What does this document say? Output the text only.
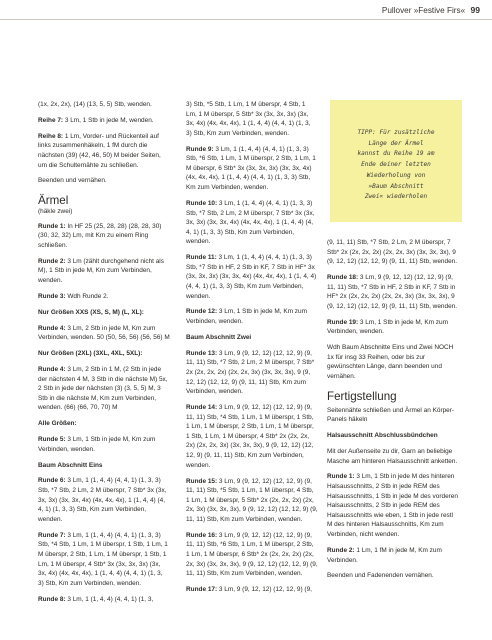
Pullover »Festive Firs« 99

(1x, 2x, 2x), (14) (13, 5, 5) Stb, wenden.

Reihe 7: 3 Lm, 1 Stb in jede M, wenden.

Reihe 8: 1 Lm, Vorder- und Rückenteil auf links zusammenhäkeln, 1 fM durch die nächsten (39) (42, 46, 50) M beider Seiten, um die Schulternähte zu schließen.

Beenden und vernähen.

Ärmel
(häkle zwei)

Runde 1: In HF 25 (25, 28, 28) (28, 28, 30) (30, 32, 32) Lm, mit Km zu einem Ring schließen.

Runde 2: 3 Lm (zählt durchgehend nicht als M), 1 Stb in jede M, Km zum Verbinden, wenden.

Runde 3: Wdh Runde 2.

Nur Größen XXS (XS, S, M) (L, XL):

Runde 4: 3 Lm, 2 Stb in jede M, Km zum Verbinden, wenden. 50 (50, 56, 56) (56, 56) M

Nur Größen (2XL) (3XL, 4XL, 5XL):

Runde 4: 3 Lm, 2 Stb in 1 M, (2 Stb in jede der nächsten 4 M, 3 Stb in die nächste M) 5x, 2 Stb in jede der nächsten (3) (3, 5, 5) M, 3 Stb in die nächste M, Km zum Verbinden, wenden. (66) (66, 70, 70) M

Alle Größen:

Runde 5: 3 Lm, 1 Stb in jede M, Km zum Verbinden, wenden.

Baum Abschnitt Eins

Runde 6: 3 Lm, 1 (1, 4, 4) (4, 4, 1) (1, 3, 3) Stb, *7 Stb, 2 Lm, 2 M überspr, 7 Stb* 3x (3x, 3x, 3x) (3x, 3x, 4x) (4x, 4x, 4x), 1 (1, 4, 4) (4, 4, 1) (1, 3, 3) Stb, Km zum Verbinden, wenden.

Runde 7: 3 Lm, 1 (1, 4, 4) (4, 4, 1) (1, 3, 3) Stb, *4 Stb, 1 Lm, 1 M überspr, 1 Stb, 1 Lm, 1 M überspr, 2 Stb, 1 Lm, 1 M überspr, 1 Stb, 1 Lm, 1 M überspr, 4 Stb* 3x (3x, 3x, 3x) (3x, 3x, 4x) (4x, 4x, 4x), 1 (1, 4, 4) (4, 4, 1) (1, 3, 3) Stb, Km zum Verbinden, wenden.

Runde 8: 3 Lm, 1 (1, 4, 4) (4, 4, 1) (1, 3,

3) Stb, *5 Stb, 1 Lm, 1 M überspr, 4 Stb, 1 Lm, 1 M überspr, 5 Stb* 3x (3x, 3x, 3x) (3x, 3x, 4x) (4x, 4x, 4x), 1 (1, 4, 4) (4, 4, 1) (1, 3, 3) Stb, Km zum Verbinden, wenden.

Runde 9: 3 Lm, 1 (1, 4, 4) (4, 4, 1) (1, 3, 3) Stb, *6 Stb, 1 Lm, 1 M überspr, 2 Stb, 1 Lm, 1 M überspr, 6 Stb* 3x (3x, 3x, 3x) (3x, 3x, 4x) (4x, 4x, 4x), 1 (1, 4, 4) (4, 4, 1) (1, 3, 3) Stb, Km zum Verbinden, wenden.

Runde 10: 3 Lm, 1 (1, 4, 4) (4, 4, 1) (1, 3, 3) Stb, *7 Stb, 2 Lm, 2 M überspr, 7 Stb* 3x (3x, 3x, 3x) (3x, 3x, 4x) (4x, 4x, 4x), 1 (1, 4, 4) (4, 4, 1) (1, 3, 3) Stb, Km zum Verbinden, wenden.

Runde 11: 3 Lm, 1 (1, 4, 4) (4, 4, 1) (1, 3, 3) Stb, *7 Stb in HF, 2 Stb in KF, 7 Stb in HF* 3x (3x, 3x, 3x) (3x, 3x, 4x) (4x, 4x, 4x), 1 (1, 4, 4) (4, 4, 1) (1, 3, 3) Stb, Km zum Verbinden, wenden.

Runde 12: 3 Lm, 1 Stb in jede M, Km zum Verbinden, wenden.

Baum Abschnitt Zwei

Runde 13: 3 Lm, 9 (9, 12, 12) (12, 12, 9) (9, 11, 11) Stb, *7 Stb, 2 Lm, 2 M überspr, 7 Stb* 2x (2x, 2x, 2x) (2x, 2x, 3x) (3x, 3x, 3x), 9 (9, 12, 12) (12, 12, 9) (9, 11, 11) Stb, Km zum Verbinden, wenden.

Runde 14: 3 Lm, 9 (9, 12, 12) (12, 12, 9) (9, 11, 11) Stb, *4 Stb, 1 Lm, 1 M überspr, 1 Stb, 1 Lm, 1 M überspr, 2 Stb, 1 Lm, 1 M überspr, 1 Stb, 1 Lm, 1 M überspr, 4 Stb* 2x (2x, 2x, 2x) (2x, 2x, 3x) (3x, 3x, 3x), 9 (9, 12, 12) (12, 12, 9) (9, 11, 11) Stb, Km zum Verbinden, wenden.

Runde 15: 3 Lm, 9 (9, 12, 12) (12, 12, 9) (9, 11, 11) Stb, *5 Stb, 1 Lm, 1 M überspr, 4 Stb, 1 Lm, 1 M überspr, 5 Stb* 2x (2x, 2x, 2x) (2x, 2x, 3x) (3x, 3x, 3x), 9 (9, 12, 12) (12, 12, 9) (9, 11, 11) Stb, Km zum Verbinden, wenden.

Runde 16: 3 Lm, 9 (9, 12, 12) (12, 12, 9) (9, 11, 11) Stb, *6 Stb, 1 Lm, 1 M überspr, 2 Stb, 1 Lm, 1 M überspr, 6 Stb* 2x (2x, 2x, 2x) (2x, 2x, 3x) (3x, 3x, 3x), 9 (9, 12, 12) (12, 12, 9) (9, 11, 11) Stb, Km zum Verbinden, wenden.

Runde 17: 3 Lm, 9 (9, 12, 12) (12, 12, 9) (9,

TIPP: Für zusätzliche
Länge der Ärmel
kannst du Reihe 19 am
Ende deiner letzten
Wiederholung von
»Baum Abschnitt
Zwei« wiederholen

(9, 11, 11) Stb, *7 Stb, 2 Lm, 2 M überspr, 7 Stb* 2x (2x, 2x, 2x) (2x, 2x, 3x) (3x, 3x, 3x), 9 (9, 12, 12) (12, 12, 9) (9, 11, 11) Stb, wenden.

Runde 18: 3 Lm, 9 (9, 12, 12) (12, 12, 9) (9, 11, 11) Stb, *7 Stb in HF, 2 Stb in KF, 7 Stb in HF* 2x (2x, 2x, 2x) (2x, 2x, 3x) (3x, 3x, 3x), 9 (9, 12, 12) (12, 12, 9) (9, 11, 11) Stb, wenden.

Runde 19: 3 Lm, 1 Stb in jede M, Km zum Verbinden, wenden.

Wdh Baum Abschnitte Eins und Zwei NOCH 1x für insg 33 Reihen, oder bis zur gewünschten Länge, dann beenden und vernähen.

Fertigstellung

Seitennähte schließen und Ärmel an Körper-Panels häkeln

Halsausschnitt Abschlussbündchen

Mit der Außenseite zu dir, Garn an beliebige Masche am hinteren Halsausschnitt anketten.

Runde 1: 3 Lm, 1 Stb in jede M des hinteren Halsausschnitts, 2 Stb in jede REM des Halsausschnitts, 1 Stb in jede M des vorderen Halsausschnitts, 2 Stb in jede REM des Halsausschnitts wie eben, 1 Stb in jede restl M des hinteren Halsausschnitts, Km zum Verbinden, nicht wenden.

Runde 2: 1 Lm, 1 fM in jede M, Km zum Verbinden.

Beenden und Fadenenden vernähen.
